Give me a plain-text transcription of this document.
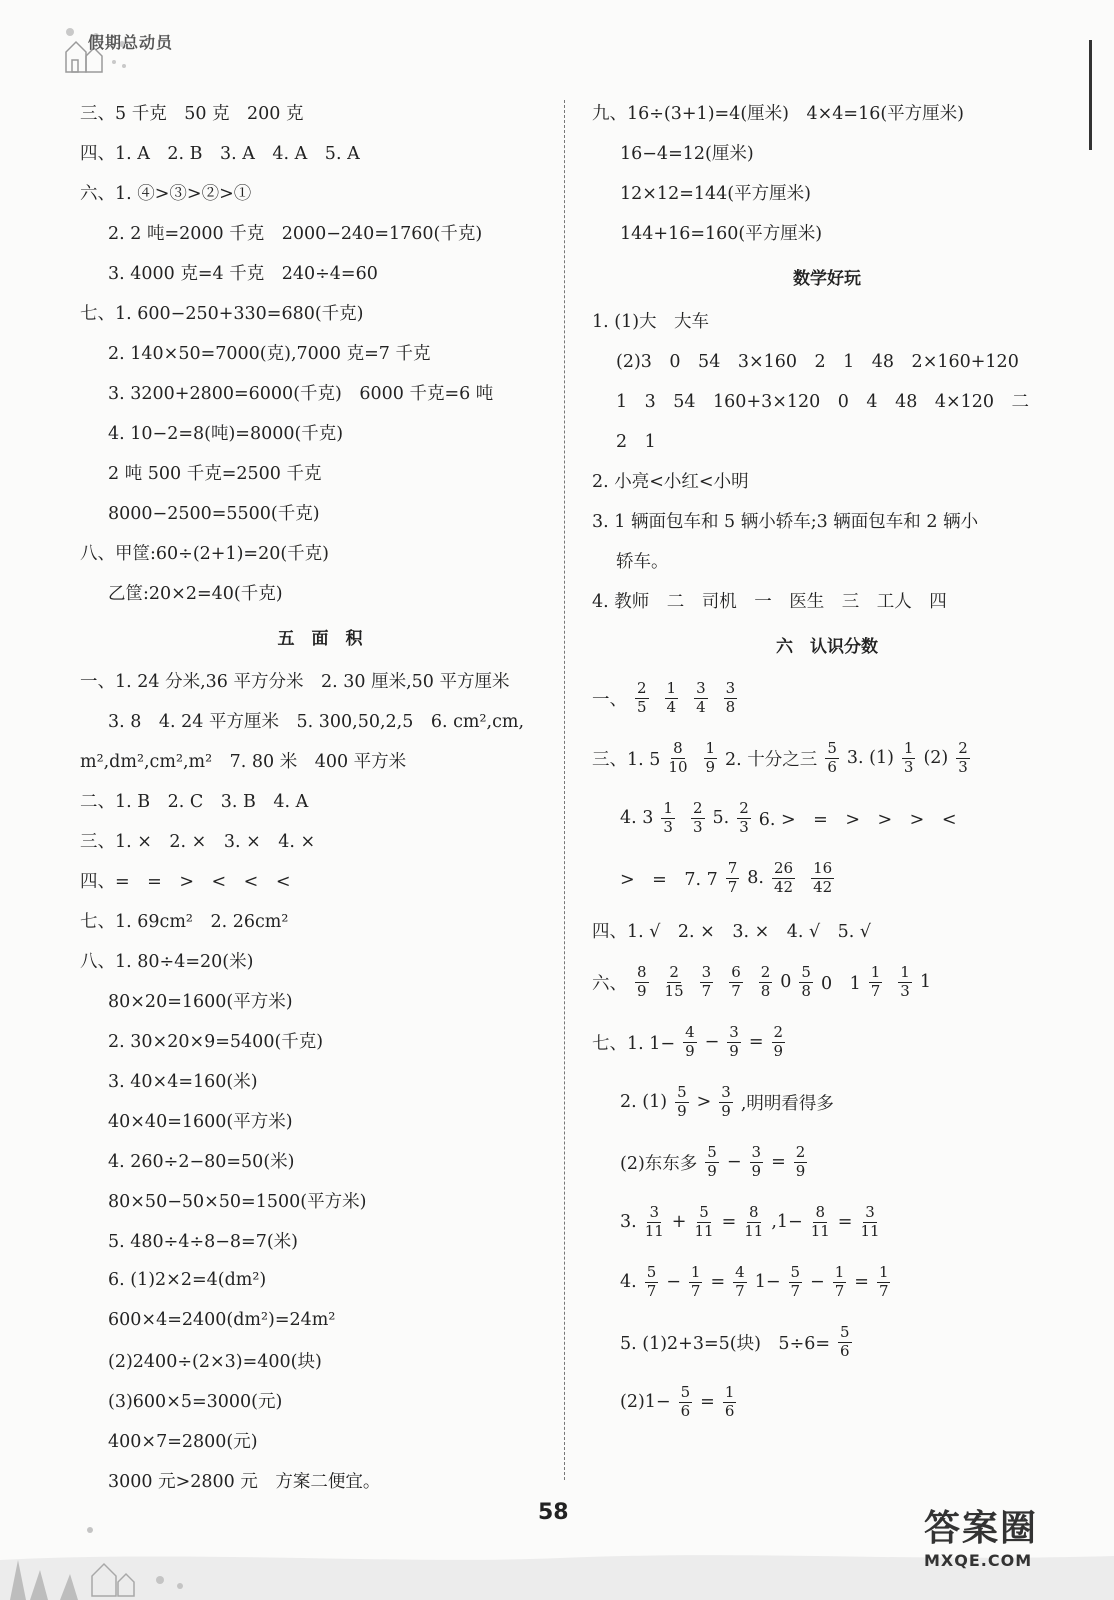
假期总动员
三、5 千克　50 克　200 克
四、1. A　2. B　3. A　4. A　5. A
六、1. ④>③>②>①
2. 2 吨=2000 千克　2000−240=1760(千克)
3. 4000 克=4 千克　240÷4=60
七、1. 600−250+330=680(千克)
2. 140×50=7000(克),7000 克=7 千克
3. 3200+2800=6000(千克)　6000 千克=6 吨
4. 10−2=8(吨)=8000(千克)
2 吨 500 千克=2500 千克
8000−2500=5500(千克)
八、甲筐:60÷(2+1)=20(千克)
乙筐:20×2=40(千克)
五　面　积
一、1. 24 分米,36 平方分米　2. 30 厘米,50 平方厘米
3. 8　4. 24 平方厘米　5. 300,50,2,5　6. cm²,cm,
m²,dm²,cm²,m²　7. 80 米　400 平方米
二、1. B　2. C　3. B　4. A
三、1. ×　2. ×　3. ×　4. ×
四、=　=　>　<　<　<
七、1. 69cm²　2. 26cm²
八、1. 80÷4=20(米)
80×20=1600(平方米)
2. 30×20×9=5400(千克)
3. 40×4=160(米)
40×40=1600(平方米)
4. 260÷2−80=50(米)
80×50−50×50=1500(平方米)
5. 480÷4÷8−8=7(米)
6. (1)2×2=4(dm²)
600×4=2400(dm²)=24m²
(2)2400÷(2×3)=400(块)
(3)600×5=3000(元)
400×7=2800(元)
3000 元>2800 元　方案二便宜。
九、16÷(3+1)=4(厘米)　4×4=16(平方厘米)
16−4=12(厘米)
12×12=144(平方厘米)
144+16=160(平方厘米)
数学好玩
1. (1)大　大车
(2)3　0　54　3×160　2　1　48　2×160+120
1　3　54　160+3×120　0　4　48　4×120　二
2　1
2. 小亮<小红<小明
3. 1 辆面包车和 5 辆小轿车;3 辆面包车和 2 辆小
轿车。
4. 教师　二　司机　一　医生　三　工人　四
六　认识分数
一、 $\frac{2}{5} \frac{1}{4} \frac{3}{4} \frac{3}{8}$
三、1. $5 \frac{8}{10} \frac{1}{9} 2$. 十分之三 $\frac{5}{6} 3$. $(1) \frac{1}{3} (2) \frac{2}{3}$
4. $3 \frac{1}{3} \frac{2}{3} 5$. $\frac{2}{3} 6$. >　=　>　>　>　<
>　=　7. $7 \frac{7}{7} 8$. $\frac{26}{42} \frac{16}{42}$
四、1. √　2. ×　3. ×　4. √　5. √
六、 $\frac{8}{9} \frac{2}{15} \frac{3}{7} \frac{6}{7} \frac{2}{8} 0 \frac{5}{8} 0$　$1 \frac{1}{7} \frac{1}{3} 1$
七、1. $1- \frac{4}{9} - \frac{3}{9} = \frac{2}{9}$
2. $(1) \frac{5}{9} > \frac{3}{9}$ ,明明看得多
(2)东东多 $\frac{5}{9} - \frac{3}{9} = \frac{2}{9}$
3. $\frac{3}{11} + \frac{5}{11} = \frac{8}{11} ,1- \frac{8}{11} = \frac{3}{11}$
4. $\frac{5}{7} - \frac{1}{7} = \frac{4}{7} 1- \frac{5}{7} - \frac{1}{7} = \frac{1}{7}$
5. (1)2+3=5(块)　$5\div 6= \frac{5}{6}$
$(2)1- \frac{5}{6} = \frac{1}{6}$
58	答案圈
MXQE.COM
